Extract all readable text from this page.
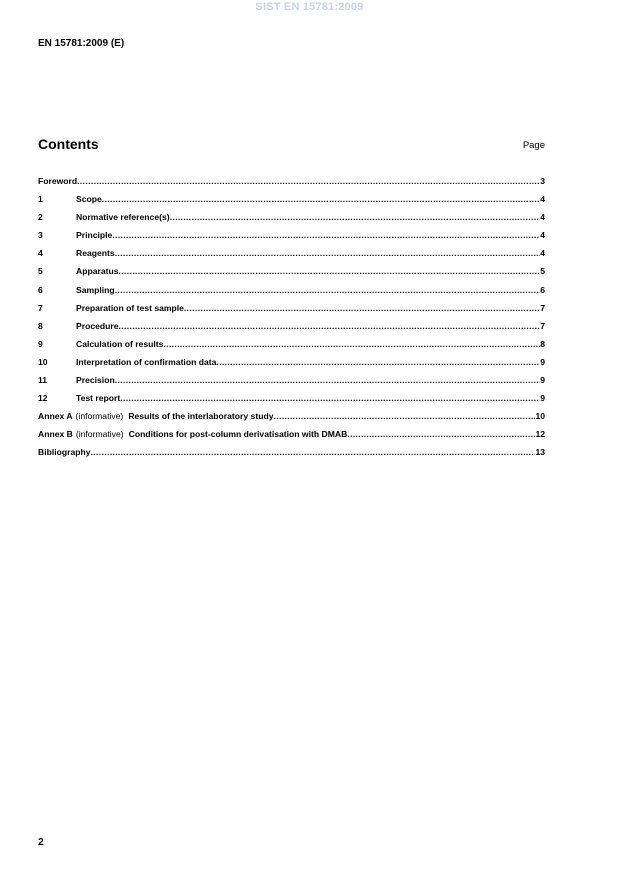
SIST EN 15781:2009
EN 15781:2009 (E)
Contents	Page
Foreword .....	3
1	Scope .....	4
2	Normative reference(s) .....	4
3	Principle .....	4
4	Reagents .....	4
5	Apparatus .....	5
6	Sampling .....	6
7	Preparation of test sample .....	7
8	Procedure .....	7
9	Calculation of results .....	8
10	Interpretation of confirmation data .....	9
11	Precision .....	9
12	Test report .....	9
Annex A (informative) Results of the interlaboratory study .....	10
Annex B (informative) Conditions for post-column derivatisation with DMAB .....	12
Bibliography .....	13
2
